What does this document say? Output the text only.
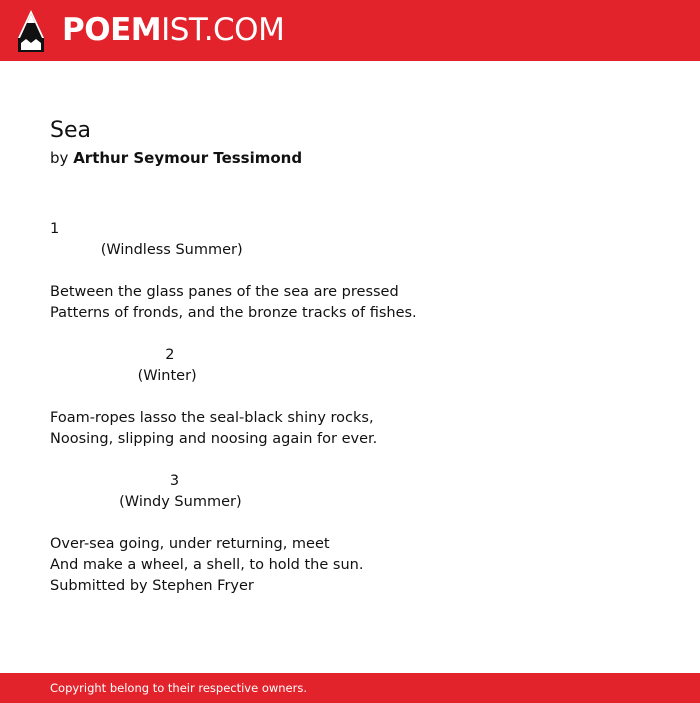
POEMIST.COM
Sea
by Arthur Seymour Tessimond
1
(Windless Summer)
Between the glass panes of the sea are pressed
Patterns of fronds, and the bronze tracks of fishes.
2
(Winter)
Foam-ropes lasso the seal-black shiny rocks,
Noosing, slipping and noosing again for ever.
3
(Windy Summer)
Over-sea going, under returning, meet
And make a wheel, a shell, to hold the sun.
Submitted by Stephen Fryer
Copyright belong to their respective owners.
